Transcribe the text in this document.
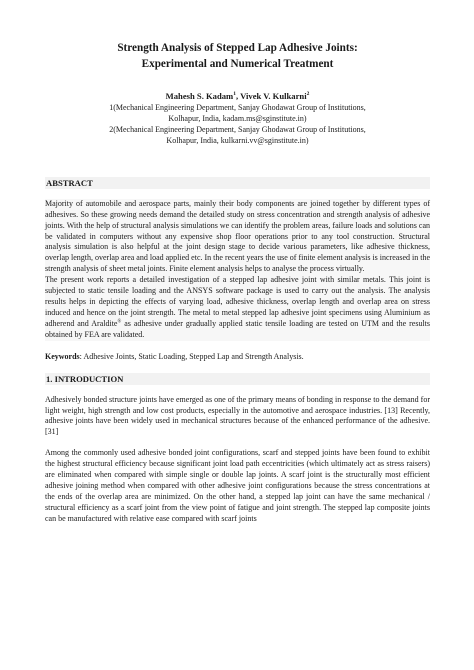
Strength Analysis of Stepped Lap Adhesive Joints:
Experimental and Numerical Treatment
Mahesh S. Kadam$^1$, Vivek V. Kulkarni$^2$
1(Mechanical Engineering Department, Sanjay Ghodawat Group of Institutions,
Kolhapur, India, kadam.ms@sginstitute.in)
2(Mechanical Engineering Department, Sanjay Ghodawat Group of Institutions,
Kolhapur, India, kulkarni.vv@sginstitute.in)
ABSTRACT

Majority of automobile and aerospace parts, mainly their body components are joined together by different types of adhesives. So these growing needs demand the detailed study on stress concentration and strength analysis of adhesive joints. With the help of structural analysis simulations we can identify the problem areas, failure loads and solutions can be validated in computers without any expensive shop floor operations prior to any tool construction. Structural analysis simulation is also helpful at the joint design stage to decide various parameters, like adhesive thickness, overlap length, overlap area and load applied etc. In the recent years the use of finite element analysis is increased in the strength analysis of sheet metal joints. Finite element analysis helps to analyse the process virtually.

The present work reports a detailed investigation of a stepped lap adhesive joint with similar metals. This joint is subjected to static tensile loading and the ANSYS software package is used to carry out the analysis. The analysis results helps in depicting the effects of varying load, adhesive thickness, overlap length and overlap area on stress induced and hence on the joint strength. The metal to metal stepped lap adhesive joint specimens using Aluminium as adherend and Araldite® as adhesive under gradually applied static tensile loading are tested on UTM and the results obtained by FEA are validated.

Keywords: Adhesive Joints, Static Loading, Stepped Lap and Strength Analysis.
1. INTRODUCTION

Adhesively bonded structure joints have emerged as one of the primary means of bonding in response to the demand for light weight, high strength and low cost products, especially in the automotive and aerospace industries. [13] Recently, adhesive joints have been widely used in mechanical structures because of the enhanced performance of the adhesive. [31]

Among the commonly used adhesive bonded joint configurations, scarf and stepped joints have been found to exhibit the highest structural efficiency because significant joint load path eccentricities (which ultimately act as stress raisers) are eliminated when compared with simple single or double lap joints. A scarf joint is the structurally most efficient adhesive joining method when compared with other adhesive joint configurations because the stress concentrations at the ends of the overlap area are minimized. On the other hand, a stepped lap joint can have the same mechanical / structural efficiency as a scarf joint from the view point of fatigue and joint strength. The stepped lap composite joints can be manufactured with relative ease compared with scarf joints
